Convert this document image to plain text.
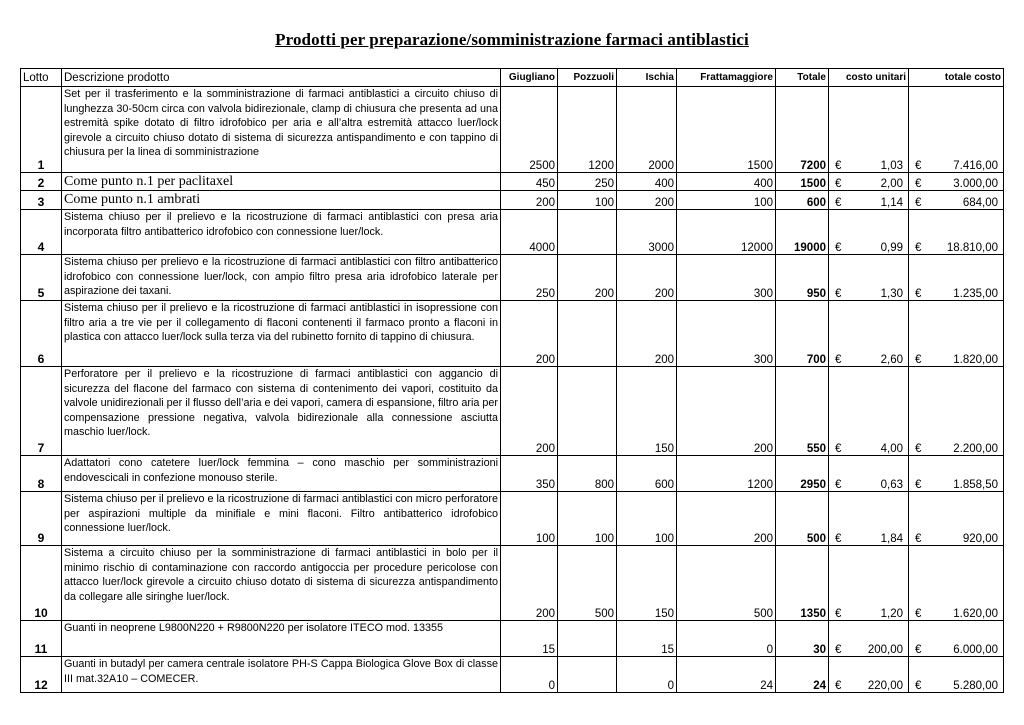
Prodotti per preparazione/somministrazione farmaci antiblastici
Lotto	Descrizione prodotto	Giugliano	Pozzuoli	Ischia	Frattamaggiore	Totale	costo unitari	totale costo
1	Set per il trasferimento e la somministrazione di farmaci antiblastici a circuito chiuso di lunghezza 30-50cm circa con valvola bidirezionale, clamp di chiusura che presenta ad una estremità spike dotato di filtro idrofobico per aria e all’altra estremità attacco luer/lock girevole a circuito chiuso dotato di sistema di sicurezza antispandimento e con tappino di chiusura per la linea di somministrazione	2500	1200	2000	1500	7200	€ 1,03	€ 7.416,00

2	Come punto n.1 per paclitaxel	450	250	400	400	1500	€ 2,00	€ 3.000,00

3	Come punto n.1 ambrati	200	100	200	100	600	€ 1,14	€ 684,00

4	Sistema chiuso per il prelievo e la ricostruzione di farmaci antiblastici con presa aria incorporata filtro antibatterico idrofobico con connessione luer/lock.	4000		3000	12000	19000	€ 0,99	€ 18.810,00

5	Sistema chiuso per prelievo e la ricostruzione di farmaci antiblastici con filtro antibatterico idrofobico con connessione luer/lock, con ampio filtro presa aria idrofobico laterale per aspirazione dei taxani.	250	200	200	300	950	€ 1,30	€ 1.235,00

6	Sistema chiuso per il prelievo e la ricostruzione di farmaci antiblastici in isopressione con filtro aria a tre vie per il collegamento di flaconi contenenti il farmaco pronto a flaconi in plastica con attacco luer/lock sulla terza via del rubinetto fornito di tappino di chiusura.	200		200	300	700	€ 2,60	€ 1.820,00

7	Perforatore per il prelievo e la ricostruzione di farmaci antiblastici con aggancio di sicurezza del flacone del farmaco con sistema di contenimento dei vapori, costituito da valvole unidirezionali per il flusso dell’aria e dei vapori, camera di espansione, filtro aria per compensazione pressione negativa, valvola bidirezionale alla connessione asciutta maschio luer/lock.	200		150	200	550	€ 4,00	€ 2.200,00

8	Adattatori cono catetere luer/lock femmina – cono maschio per somministrazioni endovescicali in confezione monouso sterile.	350	800	600	1200	2950	€ 0,63	€ 1.858,50

9	Sistema chiuso per il prelievo e la ricostruzione di farmaci antiblastici con micro perforatore per aspirazioni multiple da minifiale e mini flaconi. Filtro antibatterico idrofobico connessione luer/lock.	100	100	100	200	500	€ 1,84	€ 920,00

10	Sistema a circuito chiuso per la somministrazione di farmaci antiblastici in bolo per il minimo rischio di contaminazione con raccordo antigoccia per procedure pericolose con attacco luer/lock girevole a circuito chiuso dotato di sistema di sicurezza antispandimento da collegare alle siringhe luer/lock.	200	500	150	500	1350	€ 1,20	€ 1.620,00

11	Guanti in neoprene L9800N220 + R9800N220 per isolatore ITECO mod. 13355	15		15	0	30	€ 200,00	€ 6.000,00

12	Guanti in butadyl per camera centrale isolatore PH-S Cappa Biologica Glove Box di classe III mat.32A10 – COMECER.	0		0	24	24	€ 220,00	€ 5.280,00
